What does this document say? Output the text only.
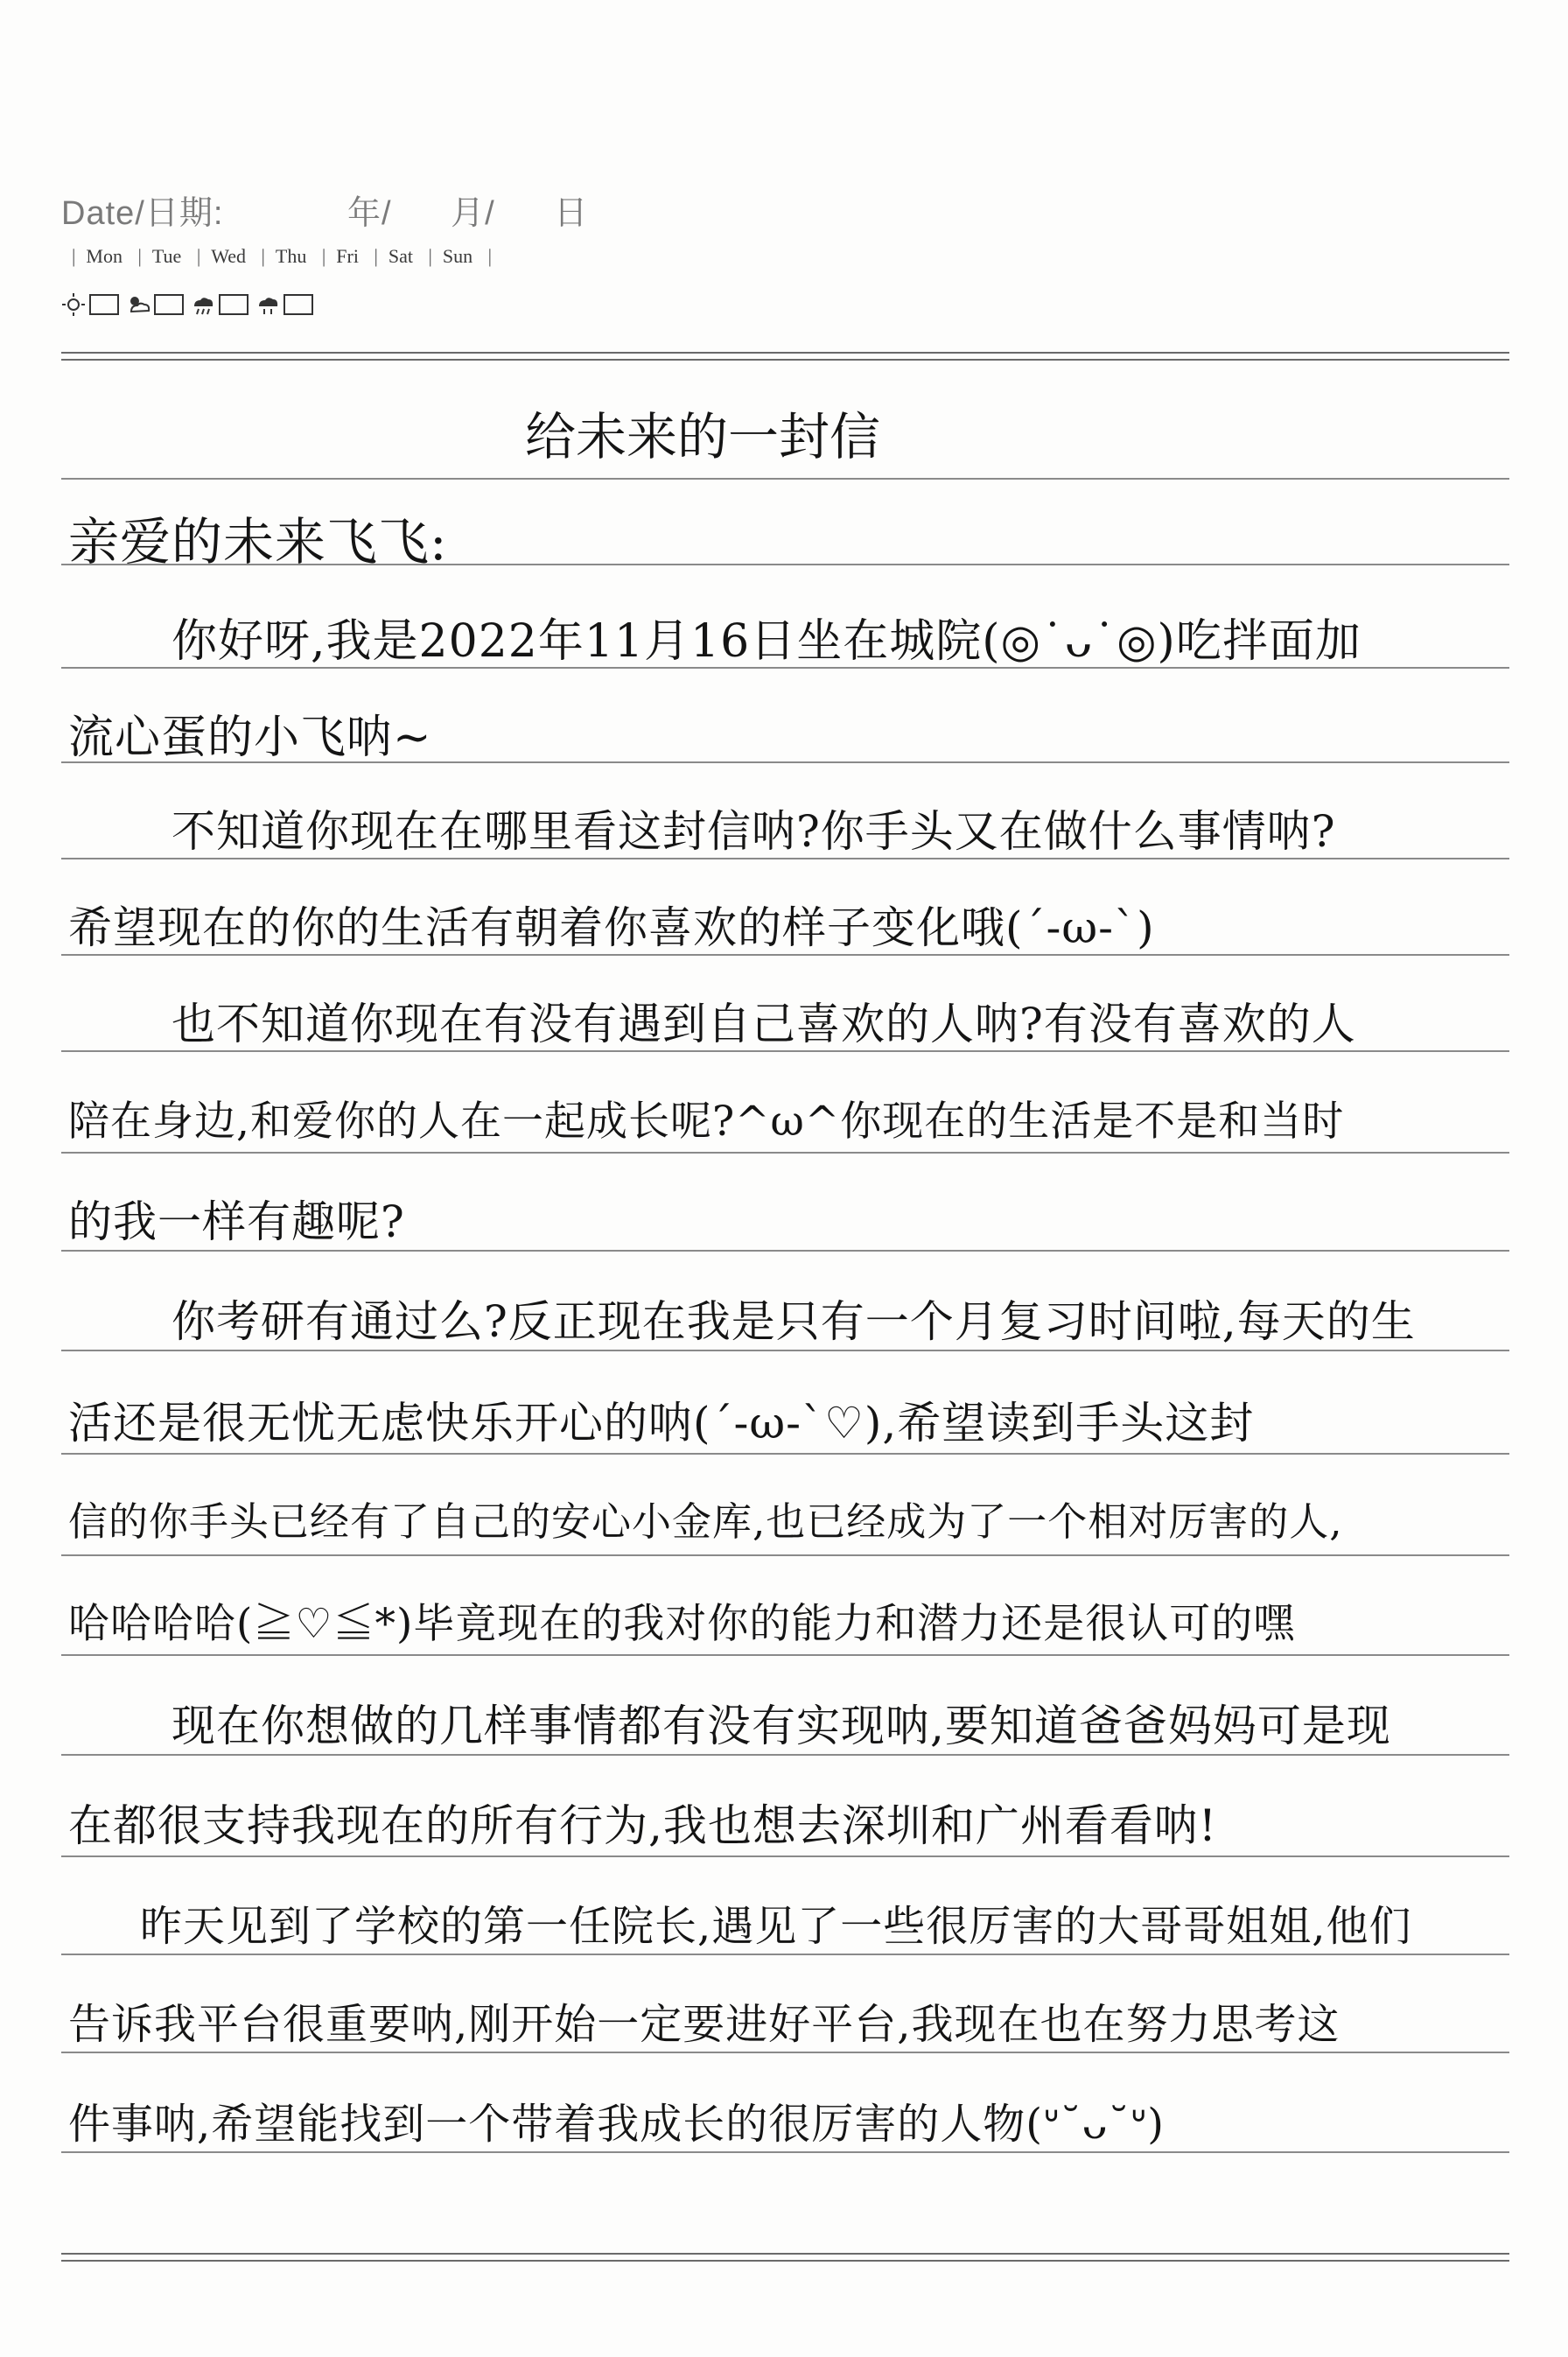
Date/日期:	年/ 月/ 日
| Mon | Tue | Wed | Thu | Fri | Sat | Sun |
给未来的一封信
亲爱的未来飞飞:
你好呀,我是2022年11月16日坐在城院(◎˙ᴗ˙◎)吃拌面加
流心蛋的小飞呐~
不知道你现在在哪里看这封信呐?你手头又在做什么事情呐?
希望现在的你的生活有朝着你喜欢的样子变化哦(´-ω-`)
也不知道你现在有没有遇到自己喜欢的人呐?有没有喜欢的人
陪在身边,和爱你的人在一起成长呢?^ω^你现在的生活是不是和当时
的我一样有趣呢?
你考研有通过么?反正现在我是只有一个月复习时间啦,每天的生
活还是很无忧无虑快乐开心的呐(´-ω-`♡),希望读到手头这封
信的你手头已经有了自己的安心小金库,也已经成为了一个相对厉害的人,
哈哈哈哈(≧♡≦*)毕竟现在的我对你的能力和潜力还是很认可的嘿
现在你想做的几样事情都有没有实现呐,要知道爸爸妈妈可是现
在都很支持我现在的所有行为,我也想去深圳和广州看看呐!
昨天见到了学校的第一任院长,遇见了一些很厉害的大哥哥姐姐,他们
告诉我平台很重要呐,刚开始一定要进好平台,我现在也在努力思考这
件事呐,希望能找到一个带着我成长的很厉害的人物(ᐡ˘ᴗ˘ᐡ)
